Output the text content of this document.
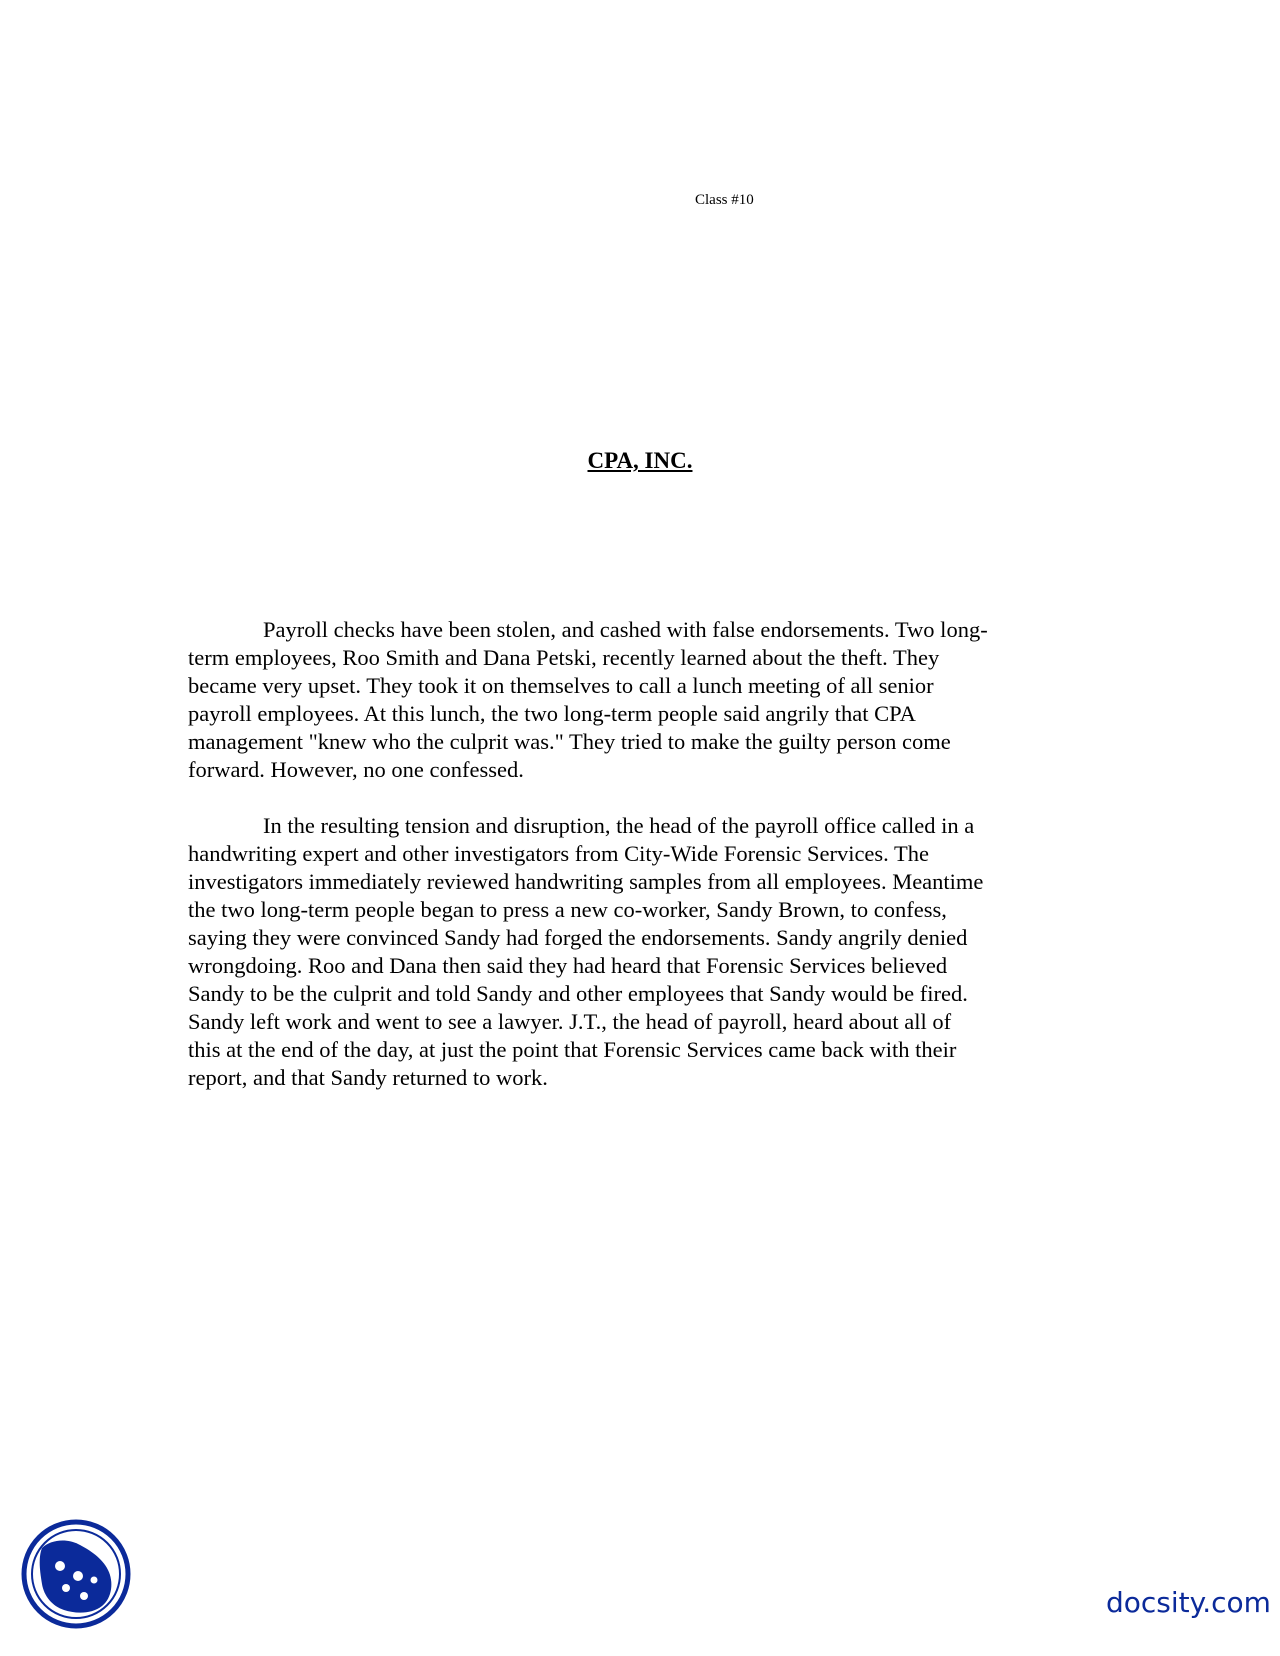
Class #10
CPA, INC.
Payroll checks have been stolen, and cashed with false endorsements. Two long-
term employees, Roo Smith and Dana Petski, recently learned about the theft. They
became very upset. They took it on themselves to call a lunch meeting of all senior
payroll employees. At this lunch, the two long-term people said angrily that CPA
management "knew who the culprit was." They tried to make the guilty person come
forward. However, no one confessed.
In the resulting tension and disruption, the head of the payroll office called in a
handwriting expert and other investigators from City-Wide Forensic Services. The
investigators immediately reviewed handwriting samples from all employees. Meantime
the two long-term people began to press a new co-worker, Sandy Brown, to confess,
saying they were convinced Sandy had forged the endorsements. Sandy angrily denied
wrongdoing. Roo and Dana then said they had heard that Forensic Services believed
Sandy to be the culprit and told Sandy and other employees that Sandy would be fired.
Sandy left work and went to see a lawyer. J.T., the head of payroll, heard about all of
this at the end of the day, at just the point that Forensic Services came back with their
report, and that Sandy returned to work.
docsity.com
